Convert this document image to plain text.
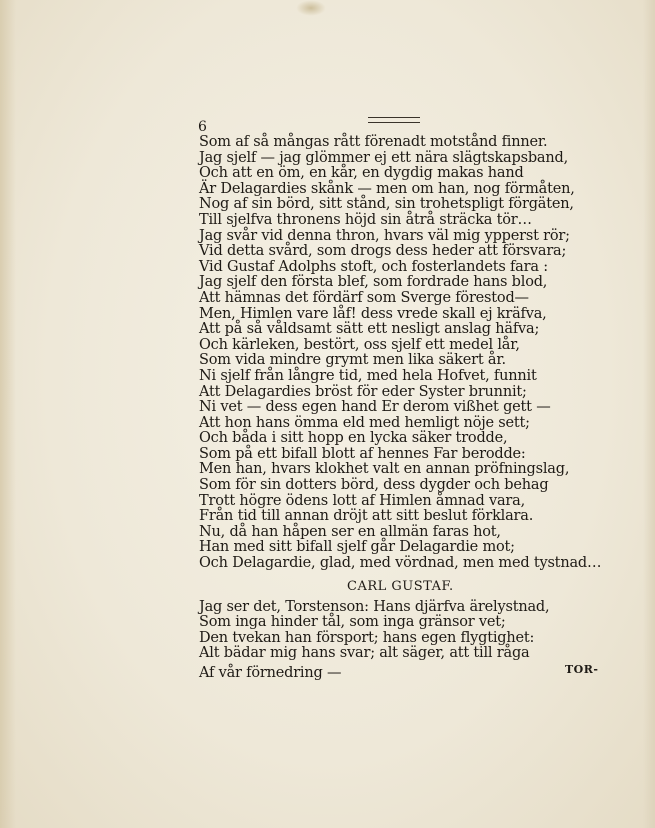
6
Som af så mångas rått förenadt motstånd finner.
Jag sjelf — jag glömmer ej ett nära slägtskapsband,
Och att en öm, en kår, en dygdig makas hand
Är Delagardies skånk — men om han, nog förmåten,
Nog af sin börd, sitt stånd, sin trohetspligt förgäten,
Till sjelfva thronens höjd sin åtrå sträcka tör…
Jag svår vid denna thron, hvars väl mig ypperst rör;
Vid detta svård, som drogs dess heder att försvara;
Vid Gustaf Adolphs stoft, och fosterlandets fara :
Jag sjelf den första blef, som fordrade hans blod,
Att hämnas det fördärf som Sverge förestod—
Men, Himlen vare låf! dess vrede skall ej kräfva,
Att på så våldsamt sätt ett nesligt anslag häfva;
Och kärleken, bestört, oss sjelf ett medel lår,
Som vida mindre grymt men lika säkert år.
Ni sjelf från långre tid, med hela Hofvet, funnit
Att Delagardies bröst för eder Syster brunnit;
Ni vet — dess egen hand Er derom vißhet gett —
Att hon hans ömma eld med hemligt nöje sett;
Och båda i sitt hopp en lycka säker trodde,
Som på ett bifall blott af hennes Far berodde:
Men han, hvars klokhet valt en annan pröfningslag,
Som för sin dotters börd, dess dygder och behag
Trott högre ödens lott af Himlen åmnad vara,
Från tid till annan dröjt att sitt beslut förklara.
Nu, då han håpen ser en allmän faras hot,
Han med sitt bifall sjelf går Delagardie mot;
Och Delagardie, glad, med vördnad, men med tystnad…
CARL GUSTAF.
Jag ser det, Torstenson: Hans djärfva ärelystnad,
Som inga hinder tål, som inga gränsor vet;
Den tvekan han försport; hans egen flygtighet:
Alt bädar mig hans svar; alt säger, att till råga
Af vår förnedring —	TOR-
